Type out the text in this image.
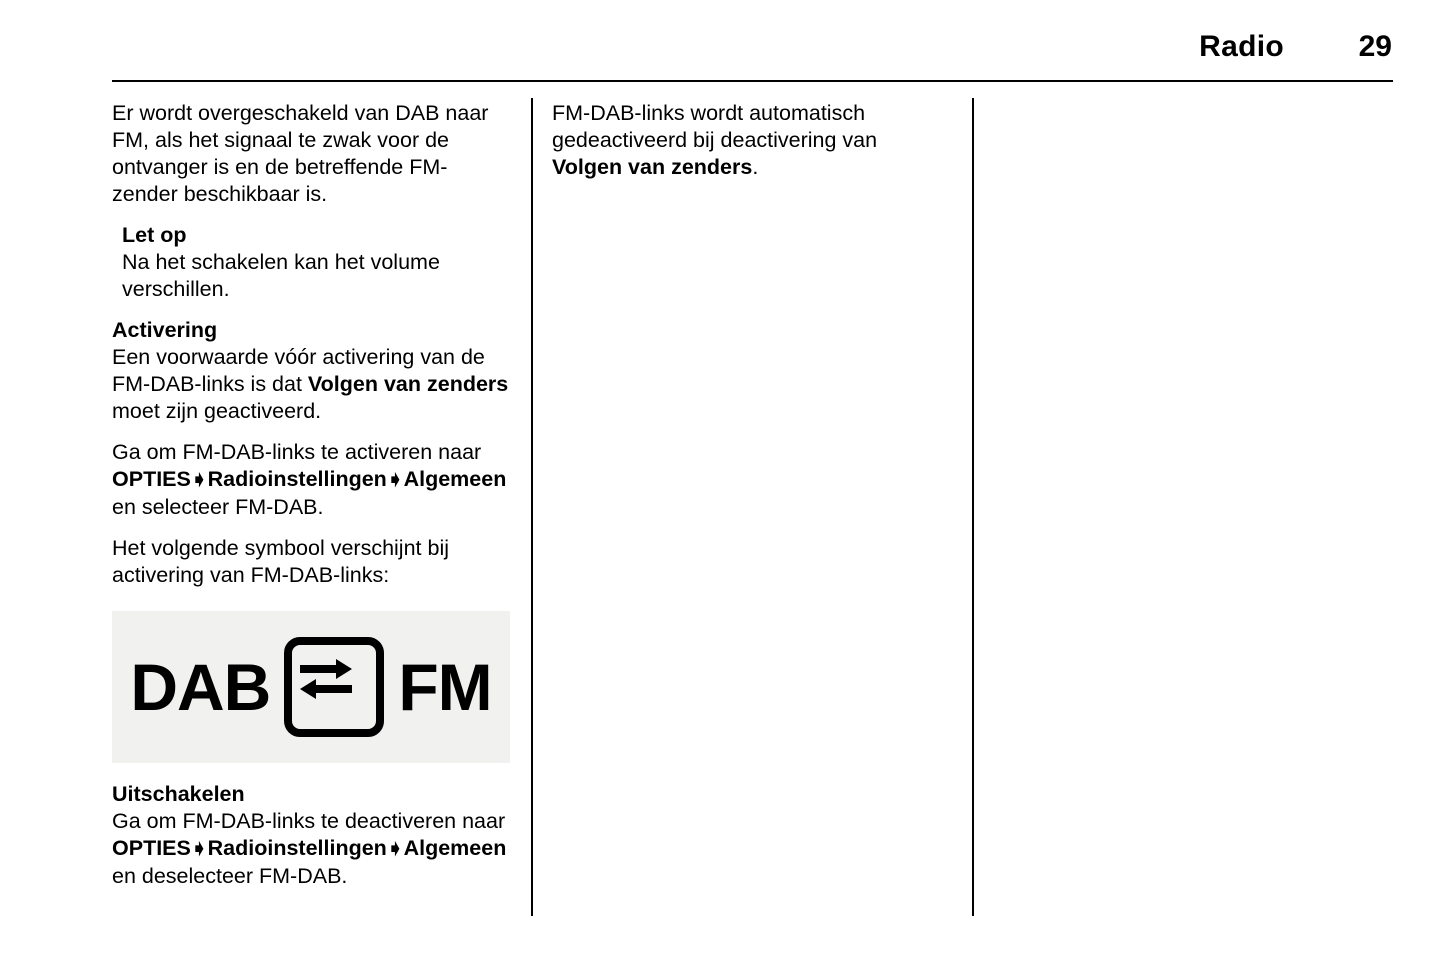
Radio	29

Er wordt overgeschakeld van DAB naar FM, als het signaal te zwak voor de ontvanger is en de betreffende FM-zender beschikbaar is.

Let op

Na het schakelen kan het volume verschillen.

Activering

Een voorwaarde vóór activering van de FM-DAB-links is dat Volgen van zenders moet zijn geactiveerd.

Ga om FM-DAB-links te activeren naar OPTIES➧Radioinstellingen➧Algemeen en selecteer FM-DAB.

Het volgende symbool verschijnt bij activering van FM-DAB-links:

DAB FM

Uitschakelen

Ga om FM-DAB-links te deactiveren naar OPTIES➧Radioinstellingen➧Algemeen en deselecteer FM-DAB.

FM-DAB-links wordt automatisch gedeactiveerd bij deactivering van Volgen van zenders.
